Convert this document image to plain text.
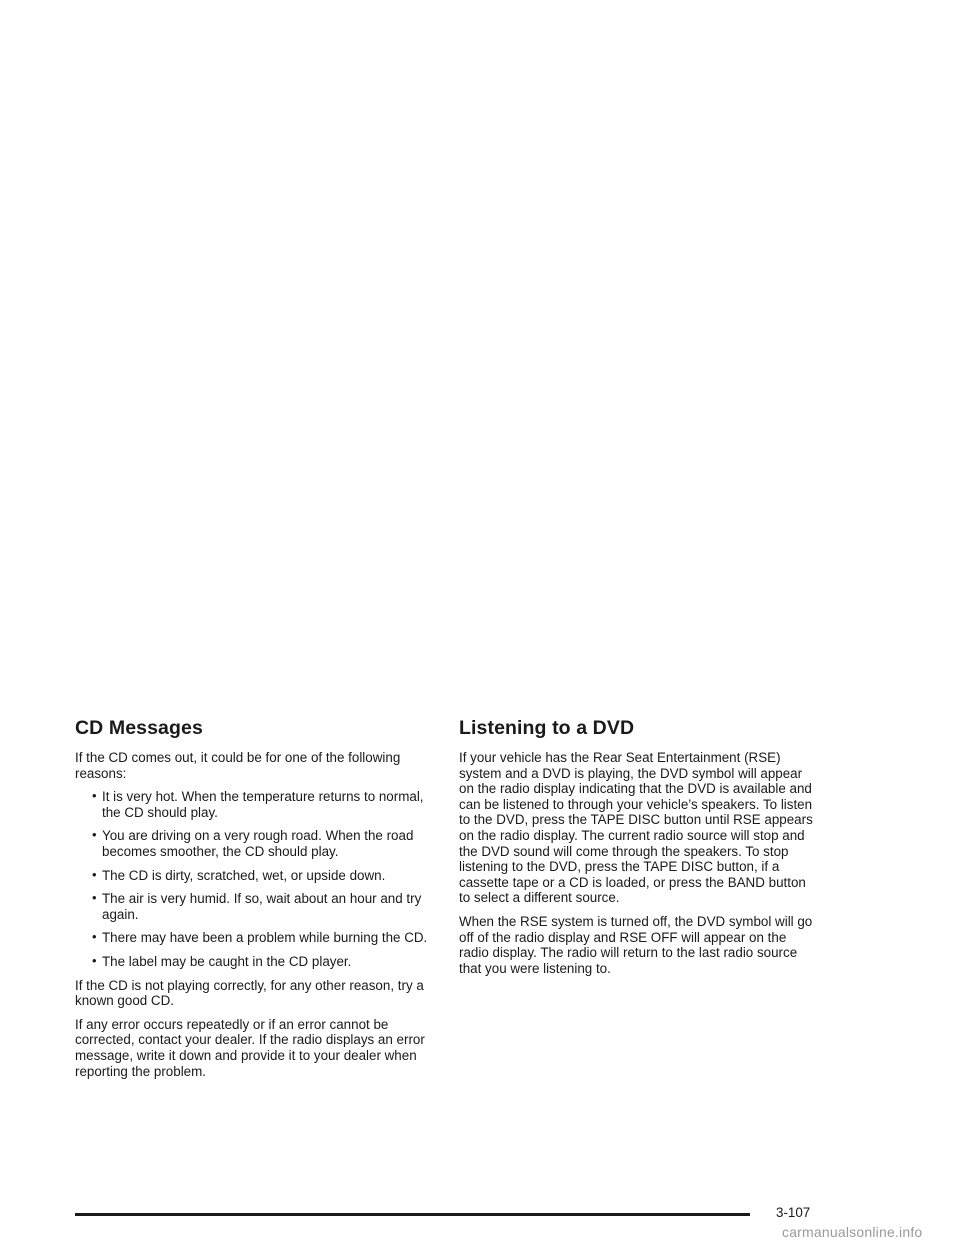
CD Messages

If the CD comes out, it could be for one of the following reasons:

• It is very hot. When the temperature returns to normal, the CD should play.
• You are driving on a very rough road. When the road becomes smoother, the CD should play.
• The CD is dirty, scratched, wet, or upside down.
• The air is very humid. If so, wait about an hour and try again.
• There may have been a problem while burning the CD.
• The label may be caught in the CD player.

If the CD is not playing correctly, for any other reason, try a known good CD.

If any error occurs repeatedly or if an error cannot be corrected, contact your dealer. If the radio displays an error message, write it down and provide it to your dealer when reporting the problem.

Listening to a DVD

If your vehicle has the Rear Seat Entertainment (RSE) system and a DVD is playing, the DVD symbol will appear on the radio display indicating that the DVD is available and can be listened to through your vehicle’s speakers. To listen to the DVD, press the TAPE DISC button until RSE appears on the radio display. The current radio source will stop and the DVD sound will come through the speakers. To stop listening to the DVD, press the TAPE DISC button, if a cassette tape or a CD is loaded, or press the BAND button to select a different source.

When the RSE system is turned off, the DVD symbol will go off of the radio display and RSE OFF will appear on the radio display. The radio will return to the last radio source that you were listening to.

3-107
carmanualsonline.info
